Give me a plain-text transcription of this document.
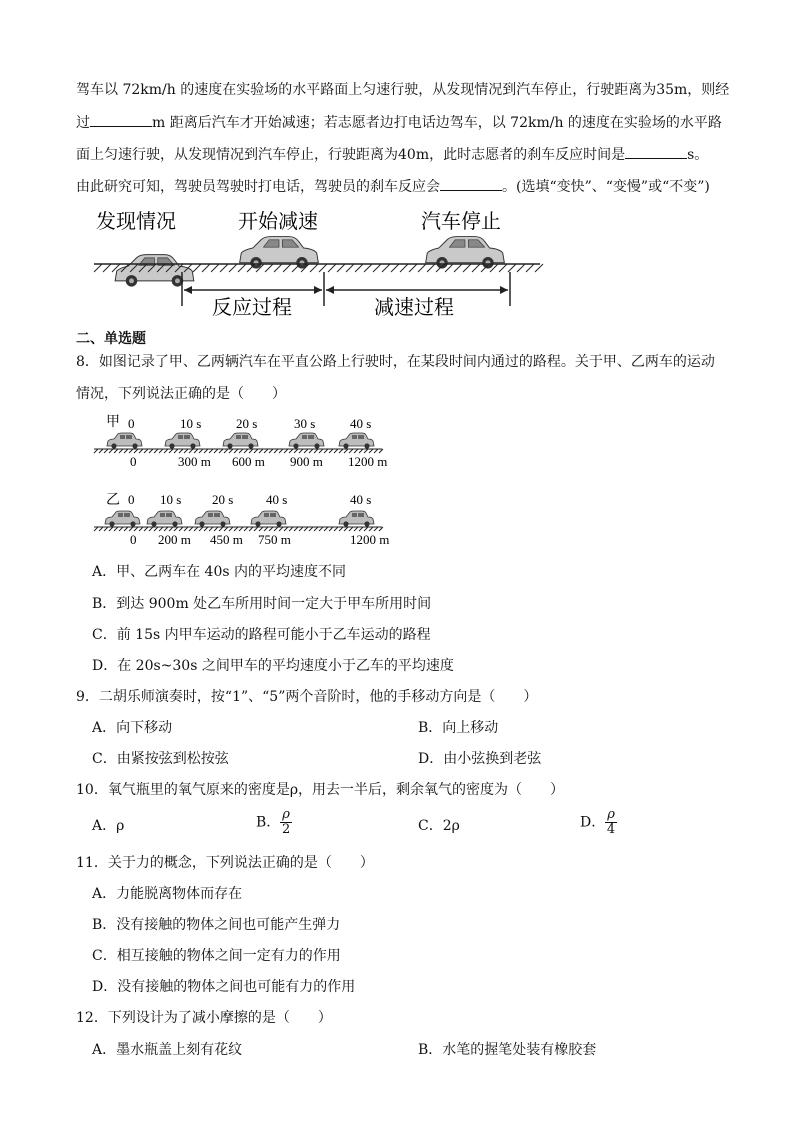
驾车以 72km/h 的速度在实验场的水平路面上匀速行驶，从发现情况到汽车停止，行驶距离为35m，则经
过	m 距离后汽车才开始减速；若志愿者边打电话边驾车，以 72km/h 的速度在实验场的水平路
面上匀速行驶，从发现情况到汽车停止，行驶距离为40m，此时志愿者的刹车反应时间是	s。
由此研究可知，驾驶员驾驶时打电话，驾驶员的刹车反应会	。(选填“变快”、“变慢”或“不变”)
发现情况	开始减速	汽车停止
反应过程	减速过程
二、单选题
8．如图记录了甲、乙两辆汽车在平直公路上行驶时，在某段时间内通过的路程。关于甲、乙两车的运动
情况，下列说法正确的是（　　）
甲 0	10 s	20 s	30 s	40 s
0	300 m 600 m 900 m 1200 m
乙 0 10 s 20 s	40 s	40 s
0 200 m 450 m 750 m	1200 m
A．甲、乙两车在 40s 内的平均速度不同
B．到达 900m 处乙车所用时间一定大于甲车所用时间
C．前 15s 内甲车运动的路程可能小于乙车运动的路程
D．在 20s~30s 之间甲车的平均速度小于乙车的平均速度
9．二胡乐师演奏时，按“1”、“5”两个音阶时，他的手移动方向是（　　）
A．向下移动	B．向上移动
C．由紧按弦到松按弦	D．由小弦换到老弦
10．氧气瓶里的氧气原来的密度是ρ，用去一半后，剩余氧气的密度为（　　）
A．ρ	B． $\frac{\rho}{2}$	C．2ρ	D． $\frac{\rho}{4}$
11．关于力的概念，下列说法正确的是（　　）
A．力能脱离物体而存在
B．没有接触的物体之间也可能产生弹力
C．相互接触的物体之间一定有力的作用
D．没有接触的物体之间也可能有力的作用
12．下列设计为了减小摩擦的是（　　）
A．墨水瓶盖上刻有花纹	B．水笔的握笔处装有橡胶套
